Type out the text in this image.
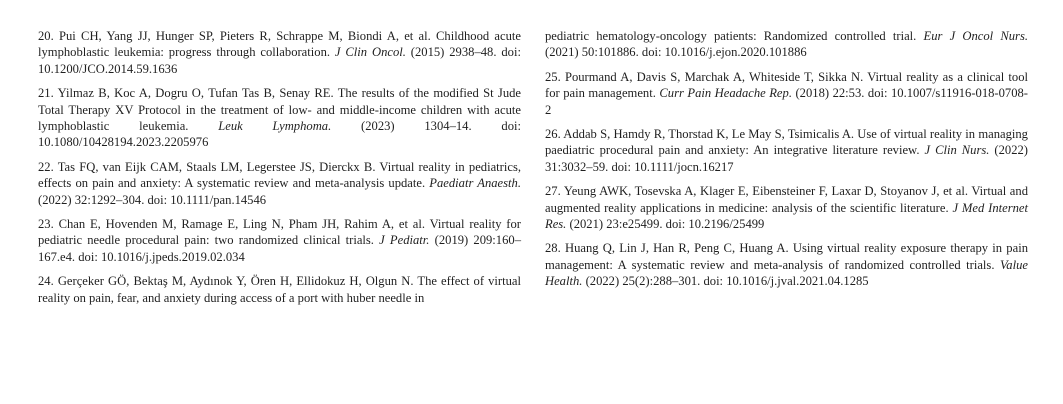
20. Pui CH, Yang JJ, Hunger SP, Pieters R, Schrappe M, Biondi A, et al. Childhood acute lymphoblastic leukemia: progress through collaboration. J Clin Oncol. (2015) 2938–48. doi: 10.1200/JCO.2014.59.1636

21. Yilmaz B, Koc A, Dogru O, Tufan Tas B, Senay RE. The results of the modified St Jude Total Therapy XV Protocol in the treatment of low- and middle-income children with acute lymphoblastic leukemia. Leuk Lymphoma. (2023) 1304–14. doi: 10.1080/10428194.2023.2205976

22. Tas FQ, van Eijk CAM, Staals LM, Legerstee JS, Dierckx B. Virtual reality in pediatrics, effects on pain and anxiety: A systematic review and meta-analysis update. Paediatr Anaesth. (2022) 32:1292–304. doi: 10.1111/pan.14546

23. Chan E, Hovenden M, Ramage E, Ling N, Pham JH, Rahim A, et al. Virtual reality for pediatric needle procedural pain: two randomized clinical trials. J Pediatr. (2019) 209:160–167.e4. doi: 10.1016/j.jpeds.2019.02.034

24. Gerçeker GÖ, Bektaş M, Aydınok Y, Ören H, Ellidokuz H, Olgun N. The effect of virtual reality on pain, fear, and anxiety during access of a port with huber needle in

pediatric hematology-oncology patients: Randomized controlled trial. Eur J Oncol Nurs. (2021) 50:101886. doi: 10.1016/j.ejon.2020.101886

25. Pourmand A, Davis S, Marchak A, Whiteside T, Sikka N. Virtual reality as a clinical tool for pain management. Curr Pain Headache Rep. (2018) 22:53. doi: 10.1007/s11916-018-0708-2

26. Addab S, Hamdy R, Thorstad K, Le May S, Tsimicalis A. Use of virtual reality in managing paediatric procedural pain and anxiety: An integrative literature review. J Clin Nurs. (2022) 31:3032–59. doi: 10.1111/jocn.16217

27. Yeung AWK, Tosevska A, Klager E, Eibensteiner F, Laxar D, Stoyanov J, et al. Virtual and augmented reality applications in medicine: analysis of the scientific literature. J Med Internet Res. (2021) 23:e25499. doi: 10.2196/25499

28. Huang Q, Lin J, Han R, Peng C, Huang A. Using virtual reality exposure therapy in pain management: A systematic review and meta-analysis of randomized controlled trials. Value Health. (2022) 25(2):288–301. doi: 10.1016/j.jval.2021.04.1285
